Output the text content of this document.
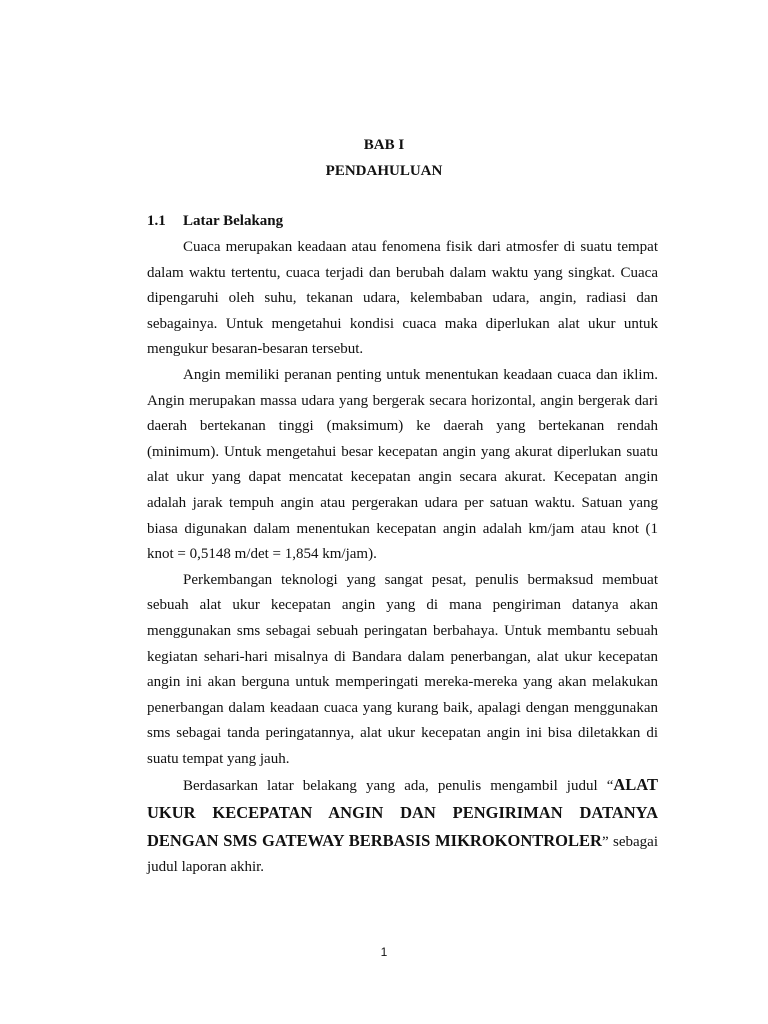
BAB I
PENDAHULUAN
1.1 Latar Belakang

Cuaca merupakan keadaan atau fenomena fisik dari atmosfer di suatu tempat dalam waktu tertentu, cuaca terjadi dan berubah dalam waktu yang singkat. Cuaca dipengaruhi oleh suhu, tekanan udara, kelembaban udara, angin, radiasi dan sebagainya. Untuk mengetahui kondisi cuaca maka diperlukan alat ukur untuk mengukur besaran-besaran tersebut.

Angin memiliki peranan penting untuk menentukan keadaan cuaca dan iklim. Angin merupakan massa udara yang bergerak secara horizontal, angin bergerak dari daerah bertekanan tinggi (maksimum) ke daerah yang bertekanan rendah (minimum). Untuk mengetahui besar kecepatan angin yang akurat diperlukan suatu alat ukur yang dapat mencatat kecepatan angin secara akurat. Kecepatan angin adalah jarak tempuh angin atau pergerakan udara per satuan waktu. Satuan yang biasa digunakan dalam menentukan kecepatan angin adalah km/jam atau knot (1 knot = 0,5148 m/det = 1,854 km/jam).

Perkembangan teknologi yang sangat pesat, penulis bermaksud membuat sebuah alat ukur kecepatan angin yang di mana pengiriman datanya akan menggunakan sms sebagai sebuah peringatan berbahaya. Untuk membantu sebuah kegiatan sehari-hari misalnya di Bandara dalam penerbangan, alat ukur kecepatan angin ini akan berguna untuk memperingati mereka-mereka yang akan melakukan penerbangan dalam keadaan cuaca yang kurang baik, apalagi dengan menggunakan sms sebagai tanda peringatannya, alat ukur kecepatan angin ini bisa diletakkan di suatu tempat yang jauh.

Berdasarkan latar belakang yang ada, penulis mengambil judul “ALAT UKUR KECEPATAN ANGIN DAN PENGIRIMAN DATANYA DENGAN SMS GATEWAY BERBASIS MIKROKONTROLER” sebagai judul laporan akhir.

1
